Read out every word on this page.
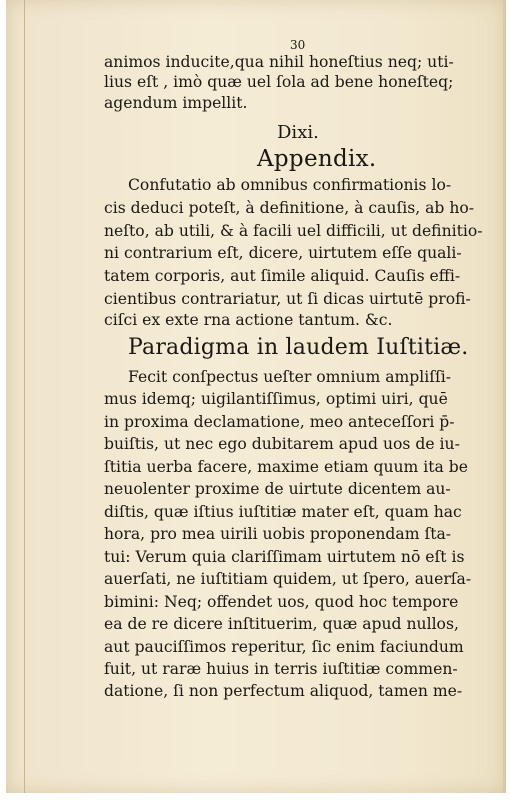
30
animos inducite,qua nihil honeſtius neq; uti-
lius eſt , imò quæ uel ſola ad bene honeſteq;
agendum impellit.
Dixi.
Appendix.
Confutatio ab omnibus confirmationis lo-
cis deduci poteſt, à definitione, à cauſis, ab ho-
neſto, ab utili, & à facili uel difficili, ut definitio-
ni contrarium eſt, dicere, uirtutem eſſe quali-
tatem corporis, aut ſimile aliquid. Cauſis effi-
cientibus contrariatur, ut ſi dicas uirtutē profi-
ciſci ex exte rna actione tantum. &c.
Paradigma in laudem Iuſtitiæ.
Fecit conſpectus ueſter omnium ampliſſi-
mus idemq; uigilantiſſimus, optimi uiri, quē
in proxima declamatione, meo anteceſſori p̄-
buiſtis, ut nec ego dubitarem apud uos de iu-
ſtitia uerba facere, maxime etiam quum ita be
neuolenter proxime de uirtute dicentem au-
diſtis, quæ iſtius iuſtitiæ mater eſt, quam hac
hora, pro mea uirili uobis proponendam ſta-
tui: Verum quia clariſſimam uirtutem nō eſt is
auerſati, ne iuſtitiam quidem, ut ſpero, auerſa-
bimini: Neq; offendet uos, quod hoc tempore
ea de re dicere inſtituerim, quæ apud nullos,
aut pauciſſimos reperitur, ſic enim faciundum
fuit, ut raræ huius in terris iuſtitiæ commen-
datione, ſi non perfectum aliquod, tamen me-
